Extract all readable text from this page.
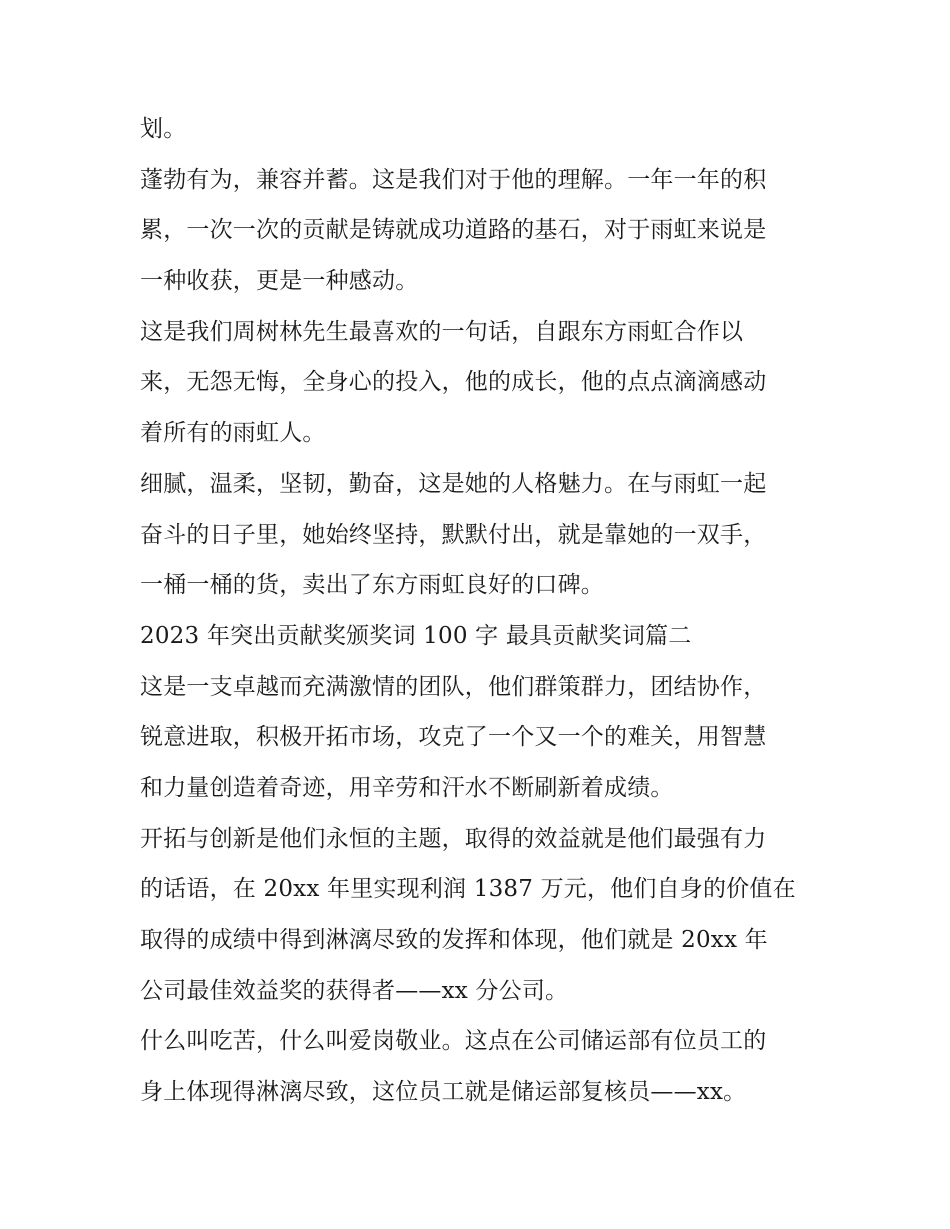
划。
蓬勃有为，兼容并蓄。这是我们对于他的理解。一年一年的积
累，一次一次的贡献是铸就成功道路的基石，对于雨虹来说是
一种收获，更是一种感动。
这是我们周树林先生最喜欢的一句话，自跟东方雨虹合作以
来，无怨无悔，全身心的投入，他的成长，他的点点滴滴感动
着所有的雨虹人。
细腻，温柔，坚韧，勤奋，这是她的人格魅力。在与雨虹一起
奋斗的日子里，她始终坚持，默默付出，就是靠她的一双手，
一桶一桶的货，卖出了东方雨虹良好的口碑。
2023 年突出贡献奖颁奖词 100 字 最具贡献奖词篇二
这是一支卓越而充满激情的团队，他们群策群力，团结协作，
锐意进取，积极开拓市场，攻克了一个又一个的难关，用智慧
和力量创造着奇迹，用辛劳和汗水不断刷新着成绩。
开拓与创新是他们永恒的主题，取得的效益就是他们最强有力
的话语，在 20xx 年里实现利润 1387 万元，他们自身的价值在
取得的成绩中得到淋漓尽致的发挥和体现，他们就是 20xx 年
公司最佳效益奖的获得者——xx 分公司。
什么叫吃苦，什么叫爱岗敬业。这点在公司储运部有位员工的
身上体现得淋漓尽致，这位员工就是储运部复核员——xx。
